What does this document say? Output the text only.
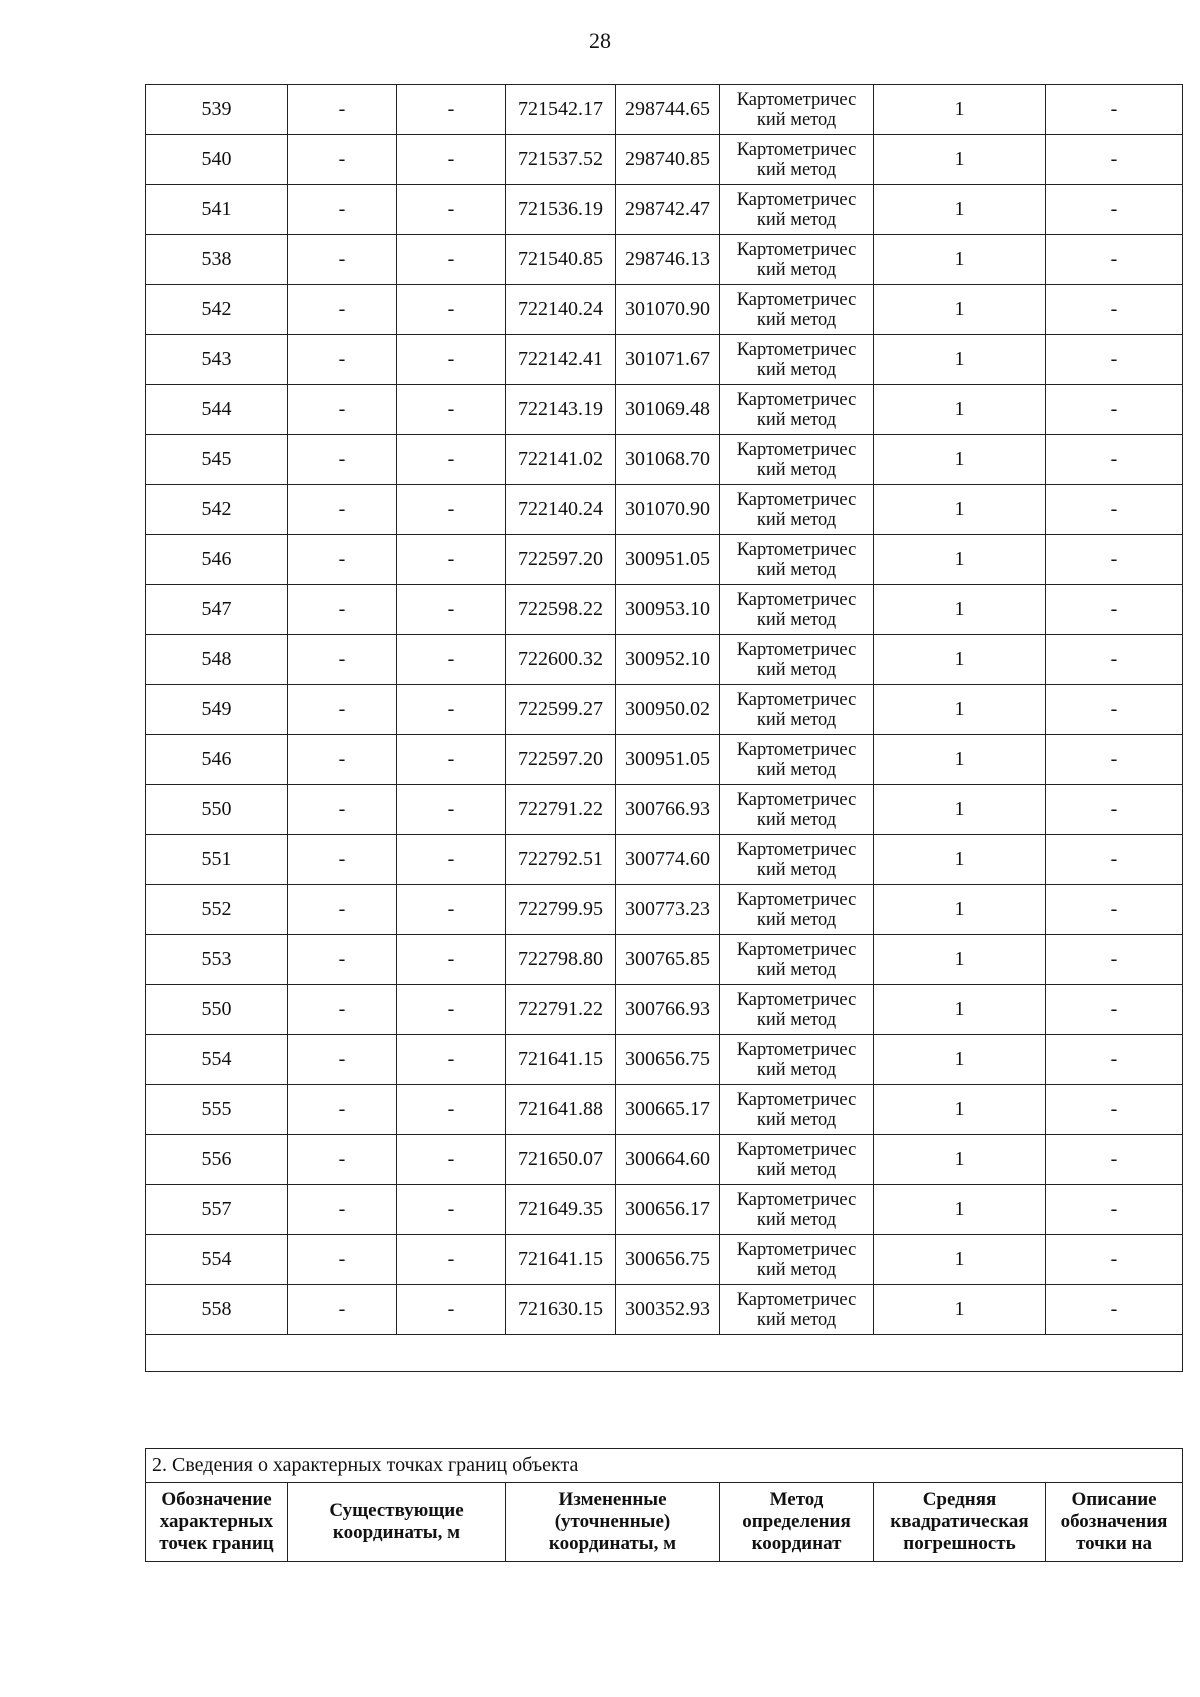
28
539	-	-	721542.17	298744.65	Картометричес кий метод	1	-
540	-	-	721537.52	298740.85	Картометричес кий метод	1	-
541	-	-	721536.19	298742.47	Картометричес кий метод	1	-
538	-	-	721540.85	298746.13	Картометричес кий метод	1	-
542	-	-	722140.24	301070.90	Картометричес кий метод	1	-
543	-	-	722142.41	301071.67	Картометричес кий метод	1	-
544	-	-	722143.19	301069.48	Картометричес кий метод	1	-
545	-	-	722141.02	301068.70	Картометричес кий метод	1	-
542	-	-	722140.24	301070.90	Картометричес кий метод	1	-
546	-	-	722597.20	300951.05	Картометричес кий метод	1	-
547	-	-	722598.22	300953.10	Картометричес кий метод	1	-
548	-	-	722600.32	300952.10	Картометричес кий метод	1	-
549	-	-	722599.27	300950.02	Картометричес кий метод	1	-
546	-	-	722597.20	300951.05	Картометричес кий метод	1	-
550	-	-	722791.22	300766.93	Картометричес кий метод	1	-
551	-	-	722792.51	300774.60	Картометричес кий метод	1	-
552	-	-	722799.95	300773.23	Картометричес кий метод	1	-
553	-	-	722798.80	300765.85	Картометричес кий метод	1	-
550	-	-	722791.22	300766.93	Картометричес кий метод	1	-
554	-	-	721641.15	300656.75	Картометричес кий метод	1	-
555	-	-	721641.88	300665.17	Картометричес кий метод	1	-
556	-	-	721650.07	300664.60	Картометричес кий метод	1	-
557	-	-	721649.35	300656.17	Картометричес кий метод	1	-
554	-	-	721641.15	300656.75	Картометричес кий метод	1	-
558	-	-	721630.15	300352.93	Картометричес кий метод	1	-

2. Сведения о характерных точках границ объекта
Обозначение характерных точек границ	Существующие координаты, м	Измененные (уточненные) координаты, м	Метод определения координат	Средняя квадратическая погрешность	Описание обозначения точки на
